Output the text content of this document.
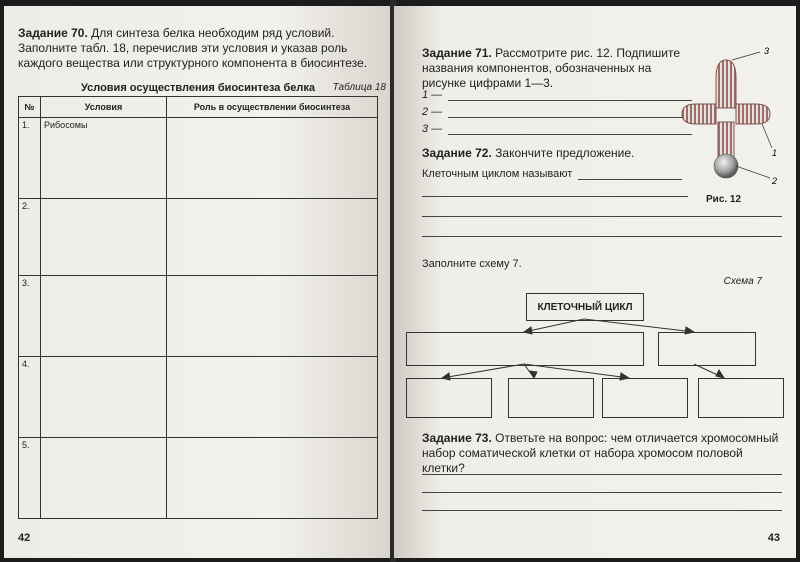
Задание 70. Для синтеза белка необходим ряд условий. Заполните табл. 18, перечислив эти условия и указав роль каждого вещества или структурного компонента в биосинтезе.
Условия осуществления биосинтеза белка	Таблица 18
№	Условия	Роль в осуществлении биосинтеза
1.	Рибосомы	
2.		
3.		
4.		
5.		
42
Задание 71. Рассмотрите рис. 12. Подпишите названия компонентов, обозначенных на рисунке цифрами 1—3.
1 —
2 —
3 —
Задание 72. Закончите предложение.
Клеточным циклом называют
3
1
2
Рис. 12
Заполните схему 7.
Схема 7
КЛЕТОЧНЫЙ ЦИКЛ
Задание 73. Ответьте на вопрос: чем отличается хромосомный набор соматической клетки от набора хромосом половой клетки?
43
